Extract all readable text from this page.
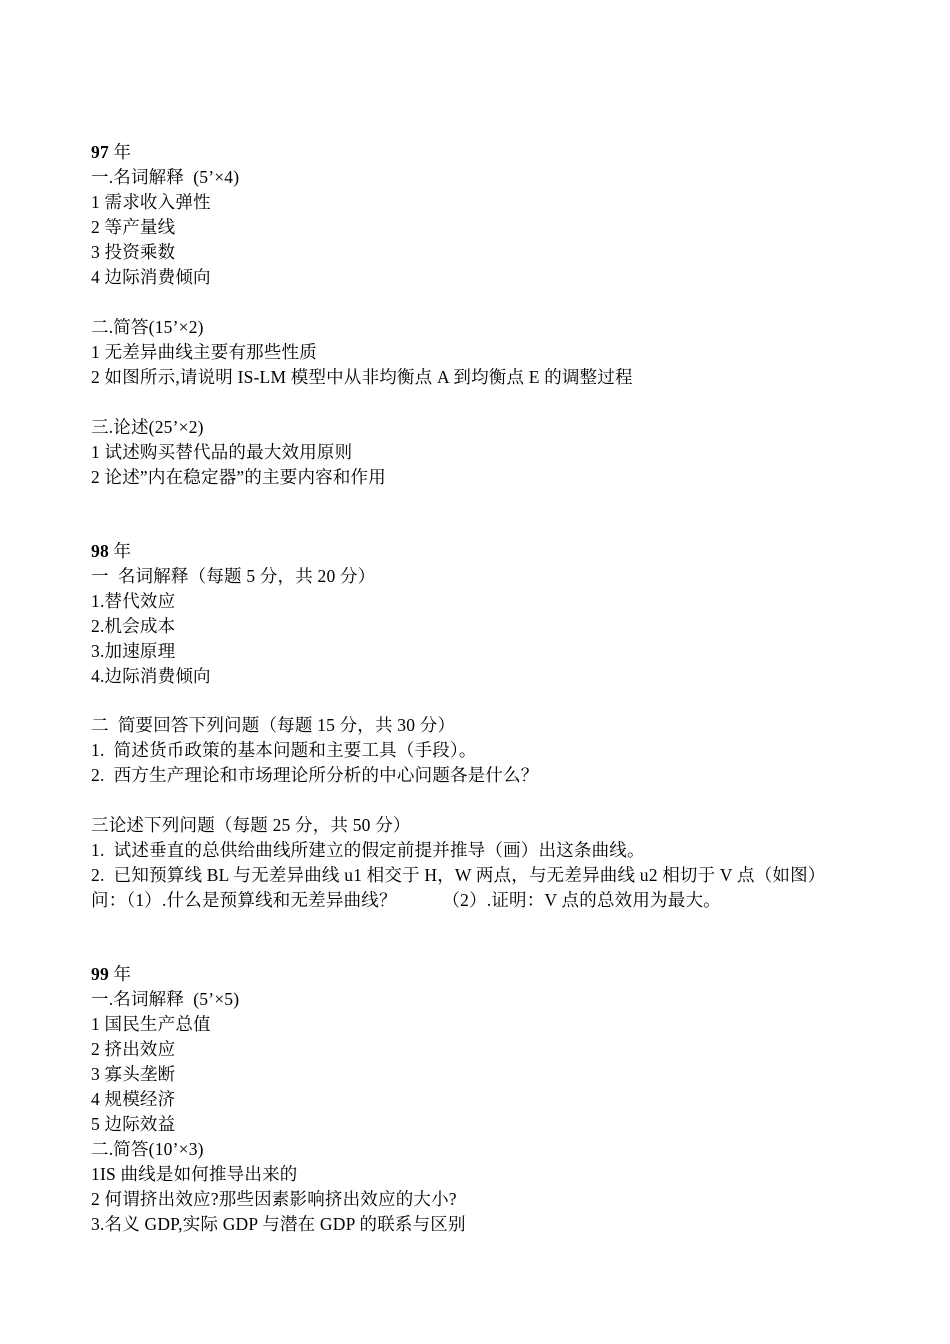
97 年
一.名词解释  (5’×4)
1 需求收入弹性
2 等产量线
3 投资乘数
4 边际消费倾向
二.简答(15’×2)
1 无差异曲线主要有那些性质
2 如图所示,请说明 IS-LM 模型中从非均衡点 A 到均衡点 E 的调整过程
三.论述(25’×2)
1 试述购买替代品的最大效用原则
2 论述”内在稳定器”的主要内容和作用
98 年
一  名词解释（每题 5 分，共 20 分）
1.替代效应
2.机会成本
3.加速原理
4.边际消费倾向
二  简要回答下列问题（每题 15 分，共 30 分）
1.  简述货币政策的基本问题和主要工具（手段）。
2.  西方生产理论和市场理论所分析的中心问题各是什么？
三论述下列问题（每题 25 分，共 50 分）
1.  试述垂直的总供给曲线所建立的假定前提并推导（画）出这条曲线。
2.  已知预算线 BL 与无差异曲线 u1 相交于 H，W 两点，与无差异曲线 u2 相切于 V 点（如图）
问：（1）.什么是预算线和无差异曲线？          （2）.证明：V 点的总效用为最大。
99 年
一.名词解释  (5’×5)
1 国民生产总值
2 挤出效应
3 寡头垄断
4 规模经济
5 边际效益
二.简答(10’×3)
1IS 曲线是如何推导出来的
2 何谓挤出效应?那些因素影响挤出效应的大小?
3.名义 GDP,实际 GDP 与潜在 GDP 的联系与区别
